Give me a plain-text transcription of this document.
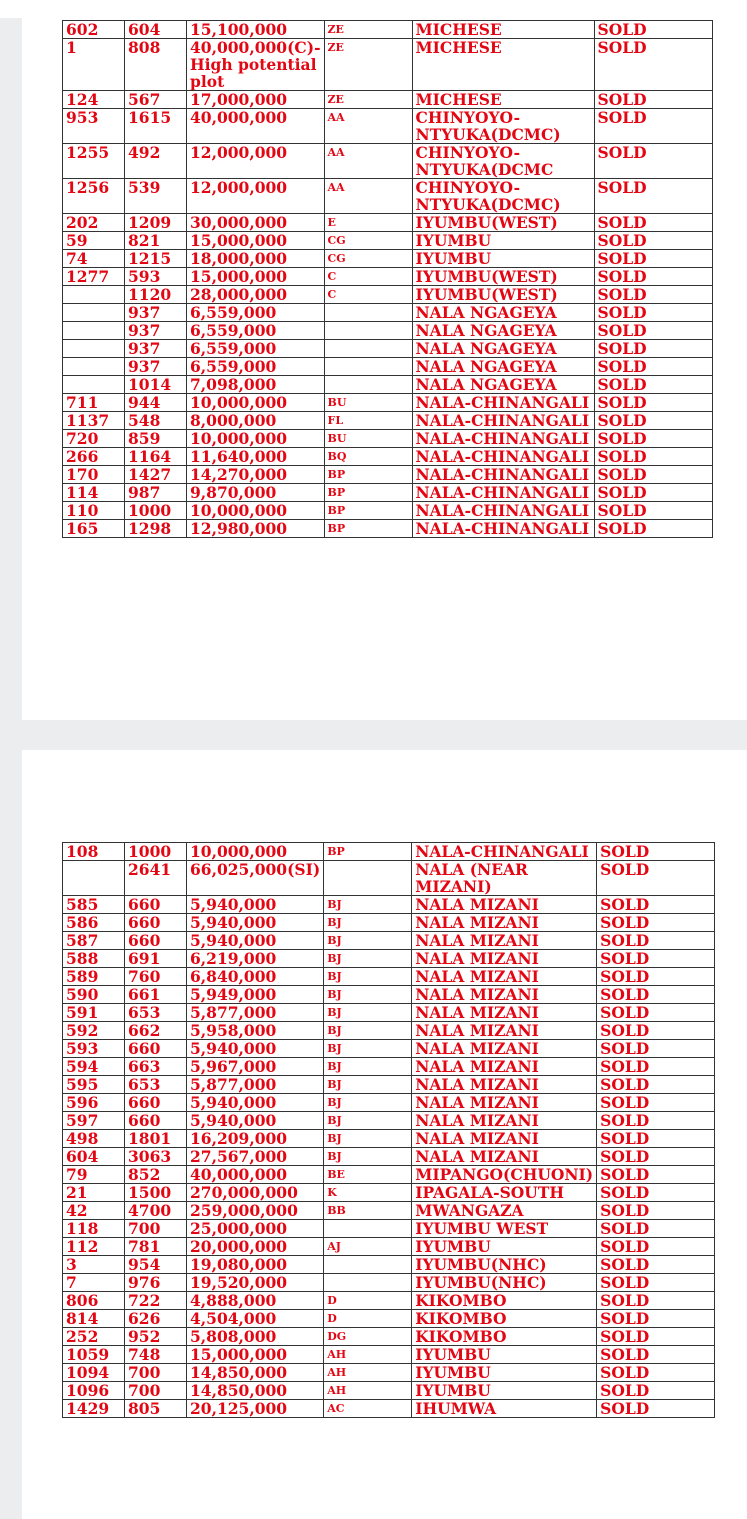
602	604	15,100,000	ZE	MICHESE	SOLD
1	808	40,000,000(C)- High potential plot	ZE	MICHESE	SOLD
124	567	17,000,000	ZE	MICHESE	SOLD
953	1615	40,000,000	AA	CHINYOYO-NTYUKA(DCMC)	SOLD
1255	492	12,000,000	AA	CHINYOYO-NTYUKA(DCMC	SOLD
1256	539	12,000,000	AA	CHINYOYO-NTYUKA(DCMC)	SOLD
202	1209	30,000,000	E	IYUMBU(WEST)	SOLD
59	821	15,000,000	CG	IYUMBU	SOLD
74	1215	18,000,000	CG	IYUMBU	SOLD
1277	593	15,000,000	C	IYUMBU(WEST)	SOLD
	1120	28,000,000	C	IYUMBU(WEST)	SOLD
	937	6,559,000		NALA NGAGEYA	SOLD
	937	6,559,000		NALA NGAGEYA	SOLD
	937	6,559,000		NALA NGAGEYA	SOLD
	937	6,559,000		NALA NGAGEYA	SOLD
	1014	7,098,000		NALA NGAGEYA	SOLD
711	944	10,000,000	BU	NALA-CHINANGALI	SOLD
1137	548	8,000,000	FL	NALA-CHINANGALI	SOLD
720	859	10,000,000	BU	NALA-CHINANGALI	SOLD
266	1164	11,640,000	BQ	NALA-CHINANGALI	SOLD
170	1427	14,270,000	BP	NALA-CHINANGALI	SOLD
114	987	9,870,000	BP	NALA-CHINANGALI	SOLD
110	1000	10,000,000	BP	NALA-CHINANGALI	SOLD
165	1298	12,980,000	BP	NALA-CHINANGALI	SOLD
108	1000	10,000,000	BP	NALA-CHINANGALI	SOLD
	2641	66,025,000(SI)		NALA (NEAR MIZANI)	SOLD
585	660	5,940,000	BJ	NALA MIZANI	SOLD
586	660	5,940,000	BJ	NALA MIZANI	SOLD
587	660	5,940,000	BJ	NALA MIZANI	SOLD
588	691	6,219,000	BJ	NALA MIZANI	SOLD
589	760	6,840,000	BJ	NALA MIZANI	SOLD
590	661	5,949,000	BJ	NALA MIZANI	SOLD
591	653	5,877,000	BJ	NALA MIZANI	SOLD
592	662	5,958,000	BJ	NALA MIZANI	SOLD
593	660	5,940,000	BJ	NALA MIZANI	SOLD
594	663	5,967,000	BJ	NALA MIZANI	SOLD
595	653	5,877,000	BJ	NALA MIZANI	SOLD
596	660	5,940,000	BJ	NALA MIZANI	SOLD
597	660	5,940,000	BJ	NALA MIZANI	SOLD
498	1801	16,209,000	BJ	NALA MIZANI	SOLD
604	3063	27,567,000	BJ	NALA MIZANI	SOLD
79	852	40,000,000	BE	MIPANGO(CHUONI)	SOLD
21	1500	270,000,000	K	IPAGALA-SOUTH	SOLD
42	4700	259,000,000	BB	MWANGAZA	SOLD
118	700	25,000,000		IYUMBU WEST	SOLD
112	781	20,000,000	AJ	IYUMBU	SOLD
3	954	19,080,000		IYUMBU(NHC)	SOLD
7	976	19,520,000		IYUMBU(NHC)	SOLD
806	722	4,888,000	D	KIKOMBO	SOLD
814	626	4,504,000	D	KIKOMBO	SOLD
252	952	5,808,000	DG	KIKOMBO	SOLD
1059	748	15,000,000	AH	IYUMBU	SOLD
1094	700	14,850,000	AH	IYUMBU	SOLD
1096	700	14,850,000	AH	IYUMBU	SOLD
1429	805	20,125,000	AC	IHUMWA	SOLD
